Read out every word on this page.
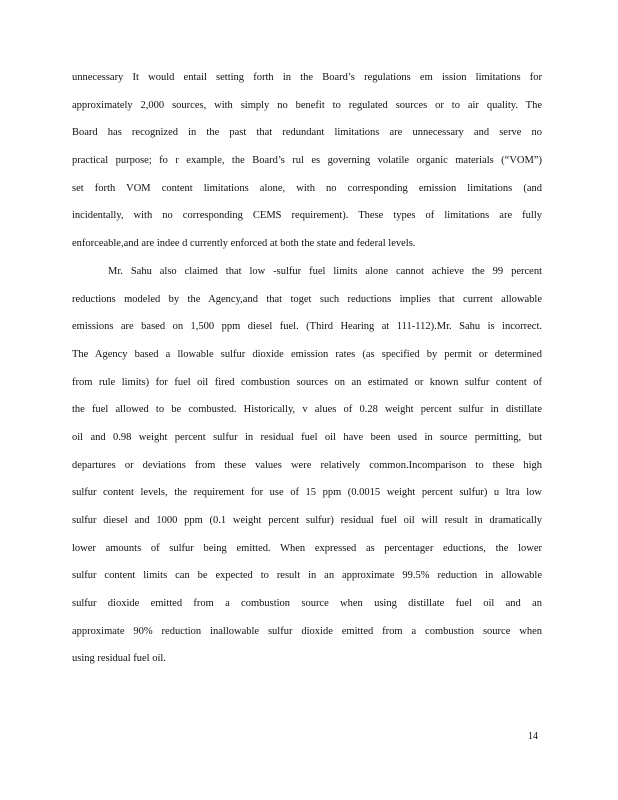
unnecessary It would entail setting forth in the Board’s regulations em ission limitations for
approximately 2,000 sources, with simply no benefit to regulated sources or to air quality. The
Board has recognized in the past that redundant limitations are unnecessary and serve no
practical purpose; fo r example, the Board’s rul es governing volatile organic materials (“VOM”)
set forth VOM content limitations alone, with no corresponding emission limitations (and
incidentally, with no corresponding CEMS requirement). These types of limitations are fully
enforceable,and are indee d currently enforced at both the state and federal levels.
Mr. Sahu also claimed that low -sulfur fuel limits alone cannot achieve the 99 percent
reductions modeled by the Agency,and that toget such reductions implies that current allowable
emissions are based on 1,500 ppm diesel fuel. (Third Hearing at 111-112).Mr. Sahu is incorrect.
The Agency based a llowable sulfur dioxide emission rates (as specified by permit or determined
from rule limits) for fuel oil fired combustion sources on an estimated or known sulfur content of
the fuel allowed to be combusted. Historically, v alues of 0.28 weight percent sulfur in distillate
oil and 0.98 weight percent sulfur in residual fuel oil have been used in source permitting, but
departures or deviations from these values were relatively common.Incomparison to these high
sulfur content levels, the requirement for use of 15 ppm (0.0015 weight percent sulfur) u ltra low
sulfur diesel and 1000 ppm (0.1 weight percent sulfur) residual fuel oil will result in dramatically
lower amounts of sulfur being emitted. When expressed as percentager eductions, the lower
sulfur content limits can be expected to result in an approximate 99.5% reduction in allowable
sulfur dioxide emitted from a combustion source when using distillate fuel oil and an
approximate 90% reduction inallowable sulfur dioxide emitted from a combustion source when
using residual fuel oil.
14
